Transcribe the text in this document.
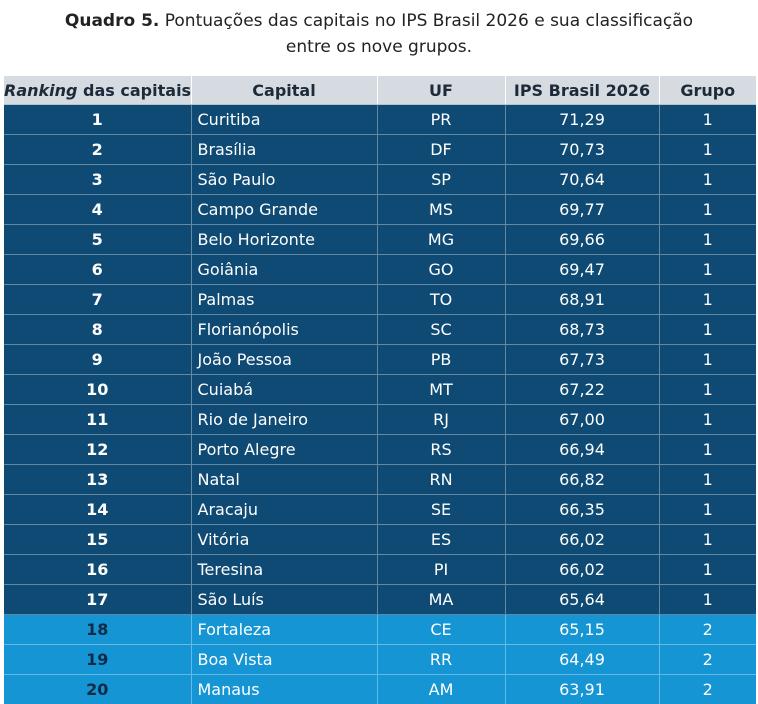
Quadro 5. Pontuações das capitais no IPS Brasil 2026 e sua classificação
entre os nove grupos.
Ranking das capitais	Capital	UF	IPS Brasil 2026	Grupo
1	Curitiba	PR	71,29	1
2	Brasília	DF	70,73	1
3	São Paulo	SP	70,64	1
4	Campo Grande	MS	69,77	1
5	Belo Horizonte	MG	69,66	1
6	Goiânia	GO	69,47	1
7	Palmas	TO	68,91	1
8	Florianópolis	SC	68,73	1
9	João Pessoa	PB	67,73	1
10	Cuiabá	MT	67,22	1
11	Rio de Janeiro	RJ	67,00	1
12	Porto Alegre	RS	66,94	1
13	Natal	RN	66,82	1
14	Aracaju	SE	66,35	1
15	Vitória	ES	66,02	1
16	Teresina	PI	66,02	1
17	São Luís	MA	65,64	1
18	Fortaleza	CE	65,15	2
19	Boa Vista	RR	64,49	2
20	Manaus	AM	63,91	2
